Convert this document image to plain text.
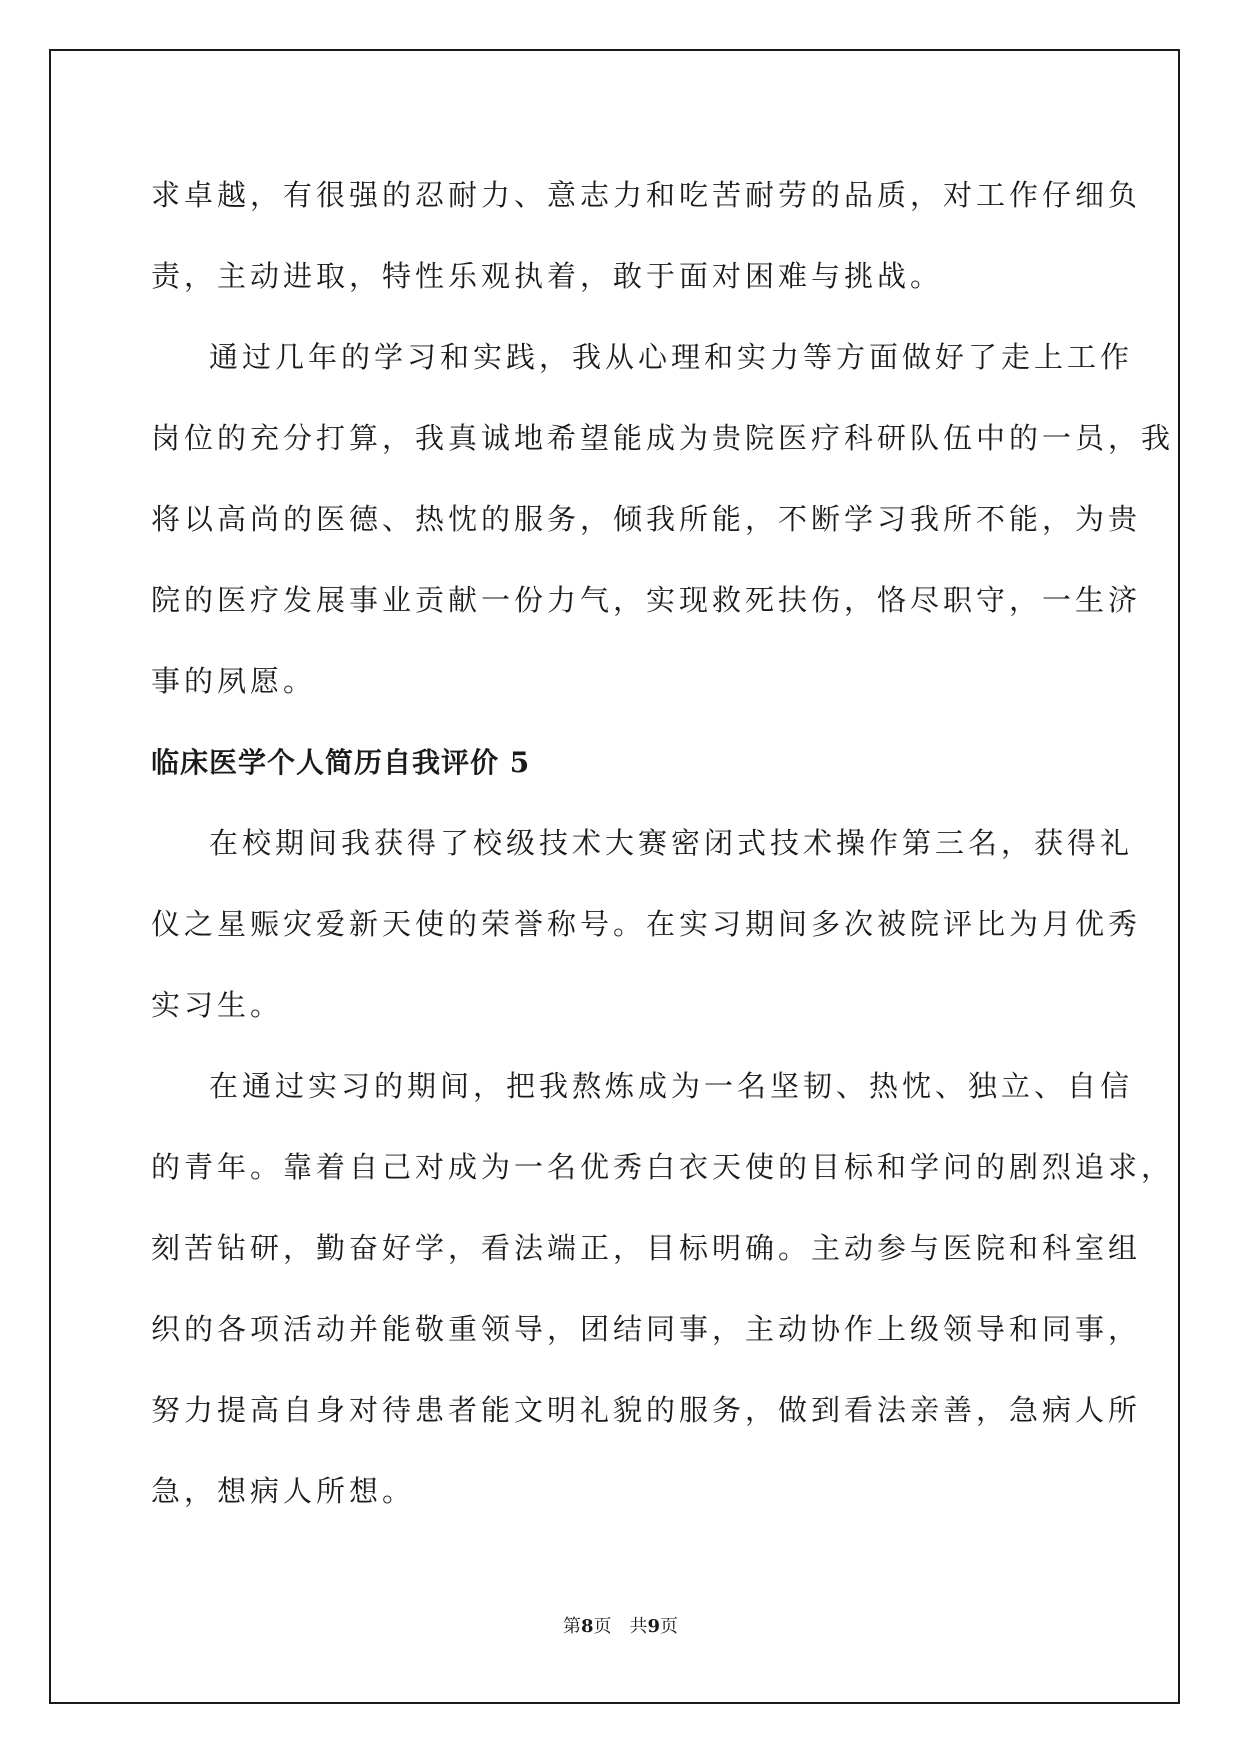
求卓越，有很强的忍耐力、意志力和吃苦耐劳的品质，对工作仔细负

责，主动进取，特性乐观执着，敢于面对困难与挑战。

通过几年的学习和实践，我从心理和实力等方面做好了走上工作

岗位的充分打算，我真诚地希望能成为贵院医疗科研队伍中的一员，我

将以高尚的医德、热忱的服务，倾我所能，不断学习我所不能，为贵

院的医疗发展事业贡献一份力气，实现救死扶伤，恪尽职守，一生济

事的夙愿。

临床医学个人简历自我评价 5

在校期间我获得了校级技术大赛密闭式技术操作第三名，获得礼

仪之星赈灾爱新天使的荣誉称号。在实习期间多次被院评比为月优秀

实习生。

在通过实习的期间，把我熬炼成为一名坚韧、热忱、独立、自信

的青年。靠着自己对成为一名优秀白衣天使的目标和学问的剧烈追求，

刻苦钻研，勤奋好学，看法端正，目标明确。主动参与医院和科室组

织的各项活动并能敬重领导，团结同事，主动协作上级领导和同事，

努力提高自身对待患者能文明礼貌的服务，做到看法亲善，急病人所

急，想病人所想。

第8页 共9页
